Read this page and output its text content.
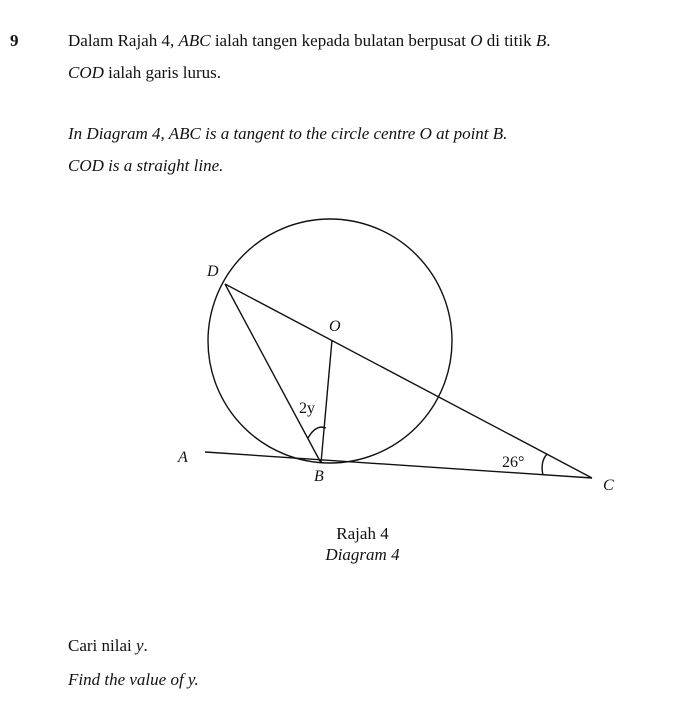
9	Dalam Rajah 4, ABC ialah tangen kepada bulatan berpusat O di titik B.
COD ialah garis lurus.
In Diagram 4, ABC is a tangent to the circle centre O at point B.
COD is a straight line.
D
O
A
B
C
2y
26°
Rajah 4
Diagram 4
Cari nilai y.
Find the value of y.
